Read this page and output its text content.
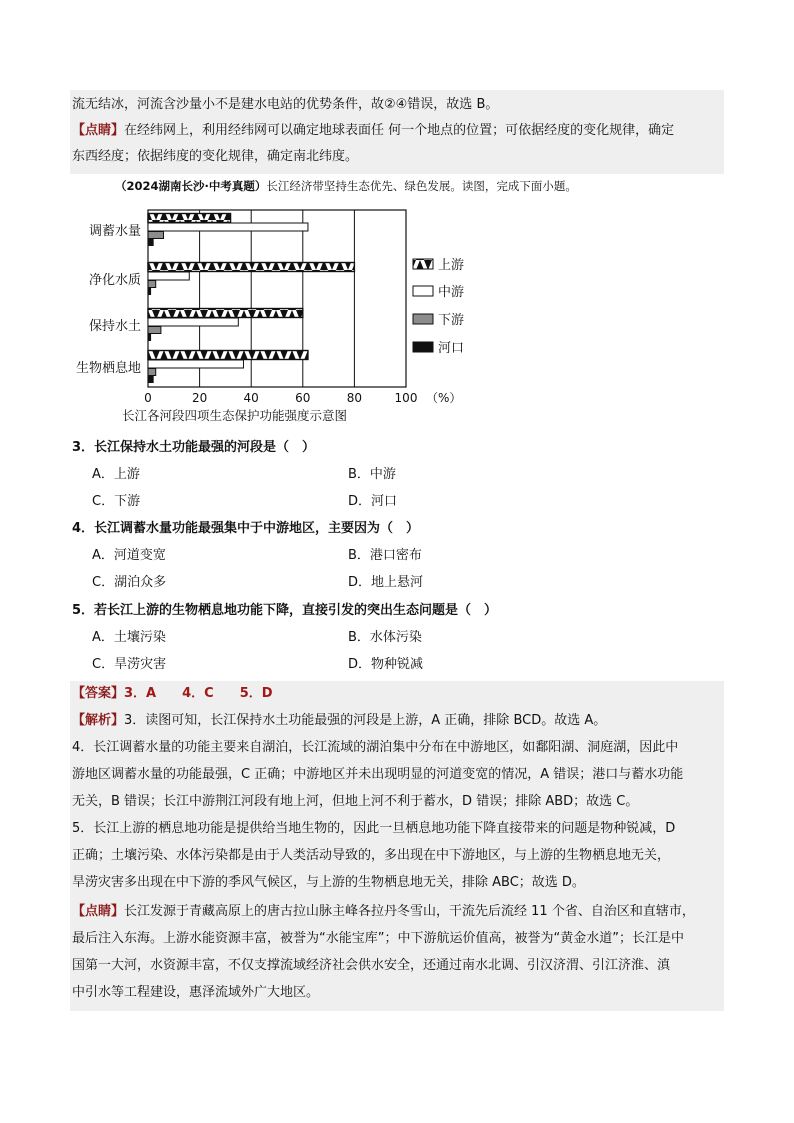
流无结冰，河流含沙量小不是建水电站的优势条件，故②④错误，故选 B。
【点睛】在经纬网上，利用经纬网可以确定地球表面任 何一个地点的位置；可依据经度的变化规律，确定
东西经度；依据纬度的变化规律，确定南北纬度。
（2024湖南长沙·中考真题）长江经济带坚持生态优先、绿色发展。读图，完成下面小题。
0	20	40	60	80	100 （%）
调蓄水量
净化水质
保持水土
生物栖息地
上游
中游
下游
河口
长江各河段四项生态保护功能强度示意图
3．长江保持水土功能最强的河段是（　）
A．上游	B．中游
C．下游	D．河口
4．长江调蓄水量功能最强集中于中游地区，主要因为（　）
A．河道变宽	B．港口密布
C．湖泊众多	D．地上悬河
5．若长江上游的生物栖息地功能下降，直接引发的突出生态问题是（　）
A．土壤污染	B．水体污染
C．旱涝灾害	D．物种锐减
【答案】3．A　　4．C　　5．D
【解析】3．读图可知，长江保持水土功能最强的河段是上游，A 正确，排除 BCD。故选 A。
4．长江调蓄水量的功能主要来自湖泊，长江流域的湖泊集中分布在中游地区，如鄱阳湖、洞庭湖，因此中
游地区调蓄水量的功能最强，C 正确；中游地区并未出现明显的河道变宽的情况，A 错误；港口与蓄水功能
无关，B 错误；长江中游荆江河段有地上河，但地上河不利于蓄水，D 错误；排除 ABD；故选 C。
5．长江上游的栖息地功能是提供给当地生物的，因此一旦栖息地功能下降直接带来的问题是物种锐减，D
正确；土壤污染、水体污染都是由于人类活动导致的，多出现在中下游地区，与上游的生物栖息地无关，
旱涝灾害多出现在中下游的季风气候区，与上游的生物栖息地无关，排除 ABC；故选 D。
【点睛】长江发源于青藏高原上的唐古拉山脉主峰各拉丹冬雪山，干流先后流经 11 个省、自治区和直辖市，
最后注入东海。上游水能资源丰富，被誉为“水能宝库”；中下游航运价值高，被誉为“黄金水道”；长江是中
国第一大河，水资源丰富，不仅支撑流域经济社会供水安全，还通过南水北调、引汉济渭、引江济淮、滇
中引水等工程建设，惠泽流域外广大地区。
